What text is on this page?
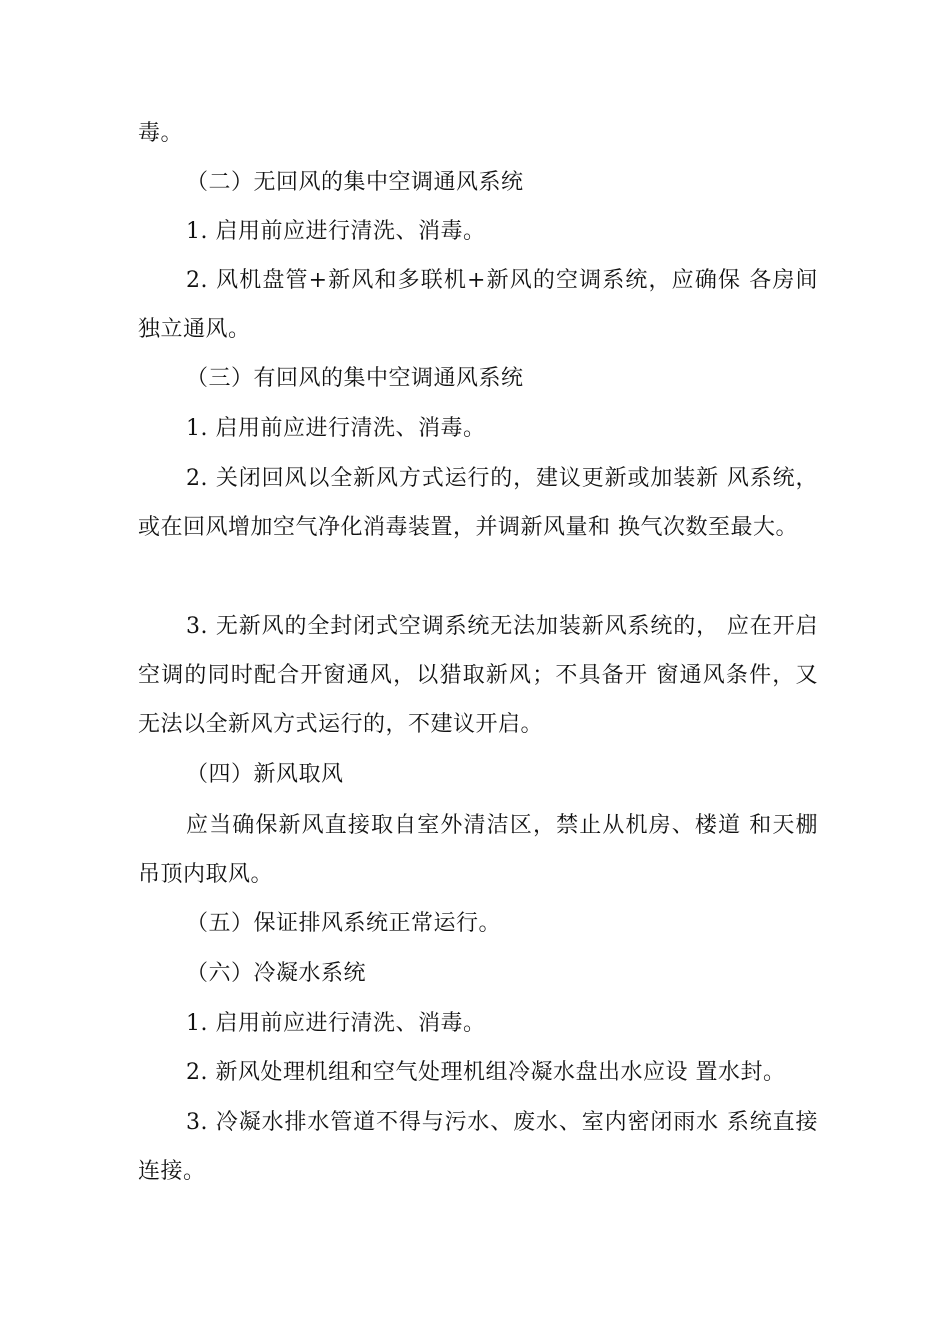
毒。

（二）无回风的集中空调通风系统

1. 启用前应进行清洗、消毒。

2. 风机盘管+新风和多联机+新风的空调系统，应确保 各房间独立通风。

（三）有回风的集中空调通风系统

1. 启用前应进行清洗、消毒。

2. 关闭回风以全新风方式运行的，建议更新或加装新 风系统，或在回风增加空气净化消毒装置，并调新风量和 换气次数至最大。

3. 无新风的全封闭式空调系统无法加装新风系统的， 应在开启空调的同时配合开窗通风，以猎取新风；不具备开 窗通风条件，又无法以全新风方式运行的，不建议开启。

（四）新风取风

应当确保新风直接取自室外清洁区，禁止从机房、楼道 和天棚吊顶内取风。

（五）保证排风系统正常运行。

（六）冷凝水系统

1. 启用前应进行清洗、消毒。

2. 新风处理机组和空气处理机组冷凝水盘出水应设 置水封。

3. 冷凝水排水管道不得与污水、废水、室内密闭雨水 系统直接连接。
